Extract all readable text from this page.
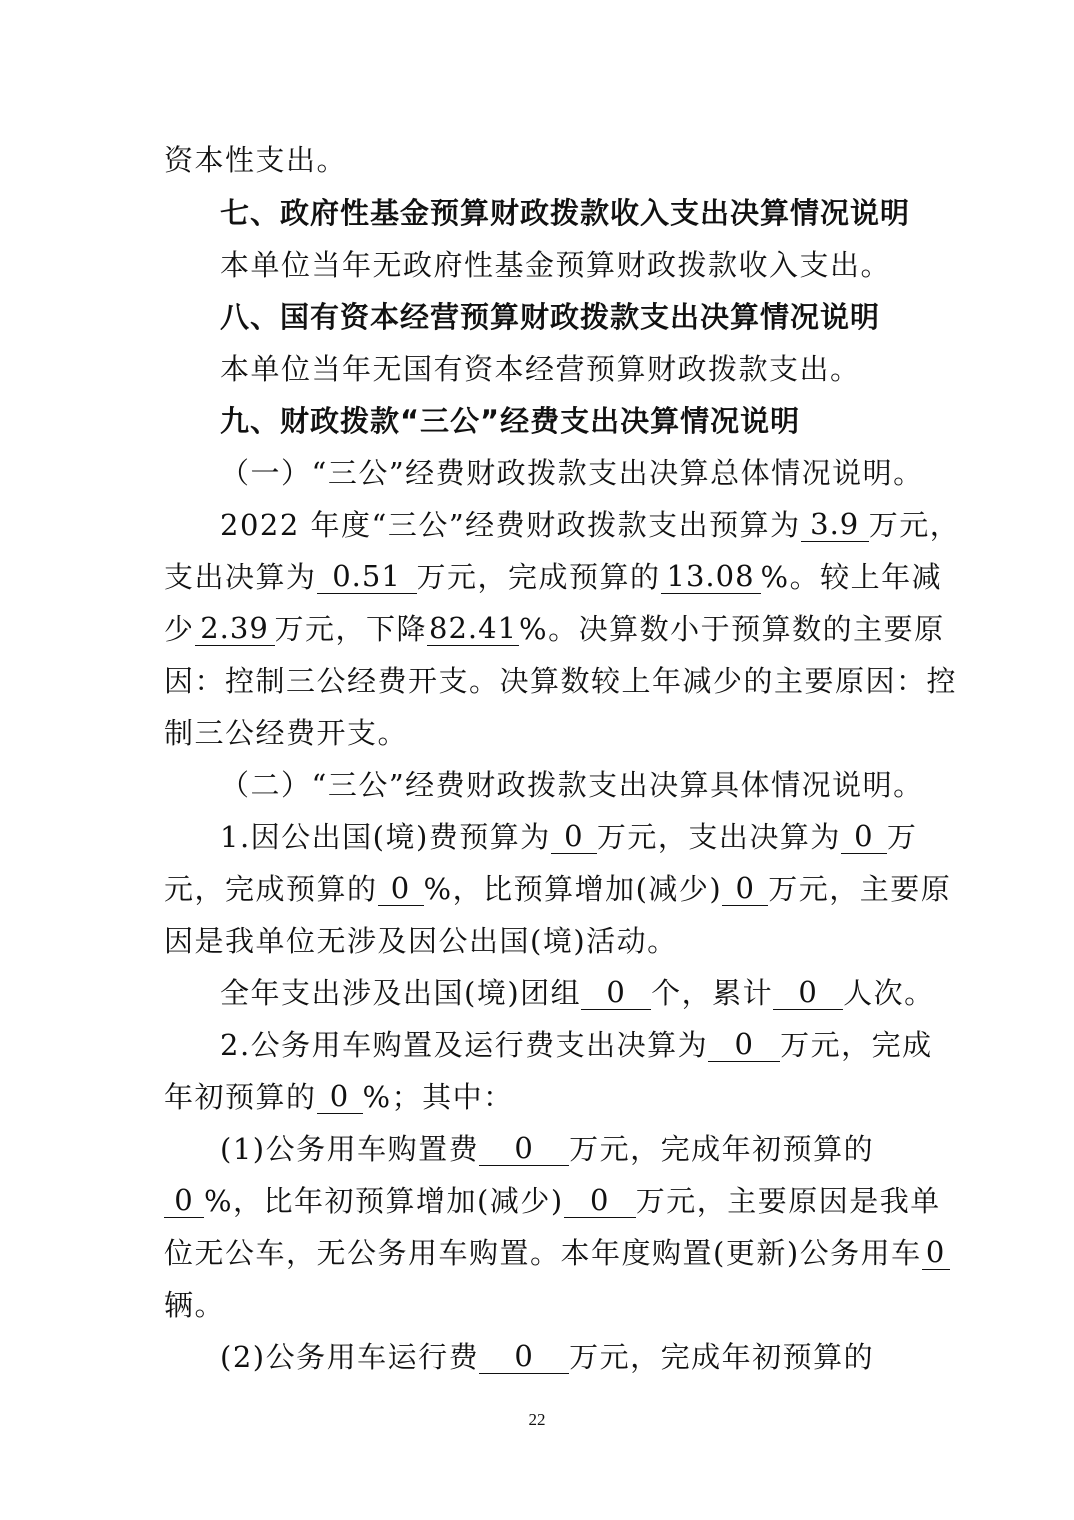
资本性支出。
七、政府性基金预算财政拨款收入支出决算情况说明
本单位当年无政府性基金预算财政拨款收入支出。
八、国有资本经营预算财政拨款支出决算情况说明
本单位当年无国有资本经营预算财政拨款支出。
九、财政拨款“三公”经费支出决算情况说明
（一）“三公”经费财政拨款支出决算总体情况说明。
2022 年度“三公”经费财政拨款支出预算为 3.9 万元，
支出决算为 0.51 万元，完成预算的 13.08 %。较上年减
少 2.39 万元，下降82.41%。决算数小于预算数的主要原
因：控制三公经费开支。决算数较上年减少的主要原因：控
制三公经费开支。
（二）“三公”经费财政拨款支出决算具体情况说明。
1.因公出国(境)费预算为 0 万元，支出决算为 0 万
元，完成预算的 0 %，比预算增加(减少) 0 万元，主要原
因是我单位无涉及因公出国(境)活动。
全年支出涉及出国(境)团组 0 个，累计 0 人次。
2.公务用车购置及运行费支出决算为 0 万元，完成
年初预算的 0 %；其中：
(1)公务用车购置费 0 万元，完成年初预算的
0 %，比年初预算增加(减少) 0 万元，主要原因是我单
位无公车，无公务用车购置。本年度购置(更新)公务用车 0
辆。
(2)公务用车运行费 0 万元，完成年初预算的
22
